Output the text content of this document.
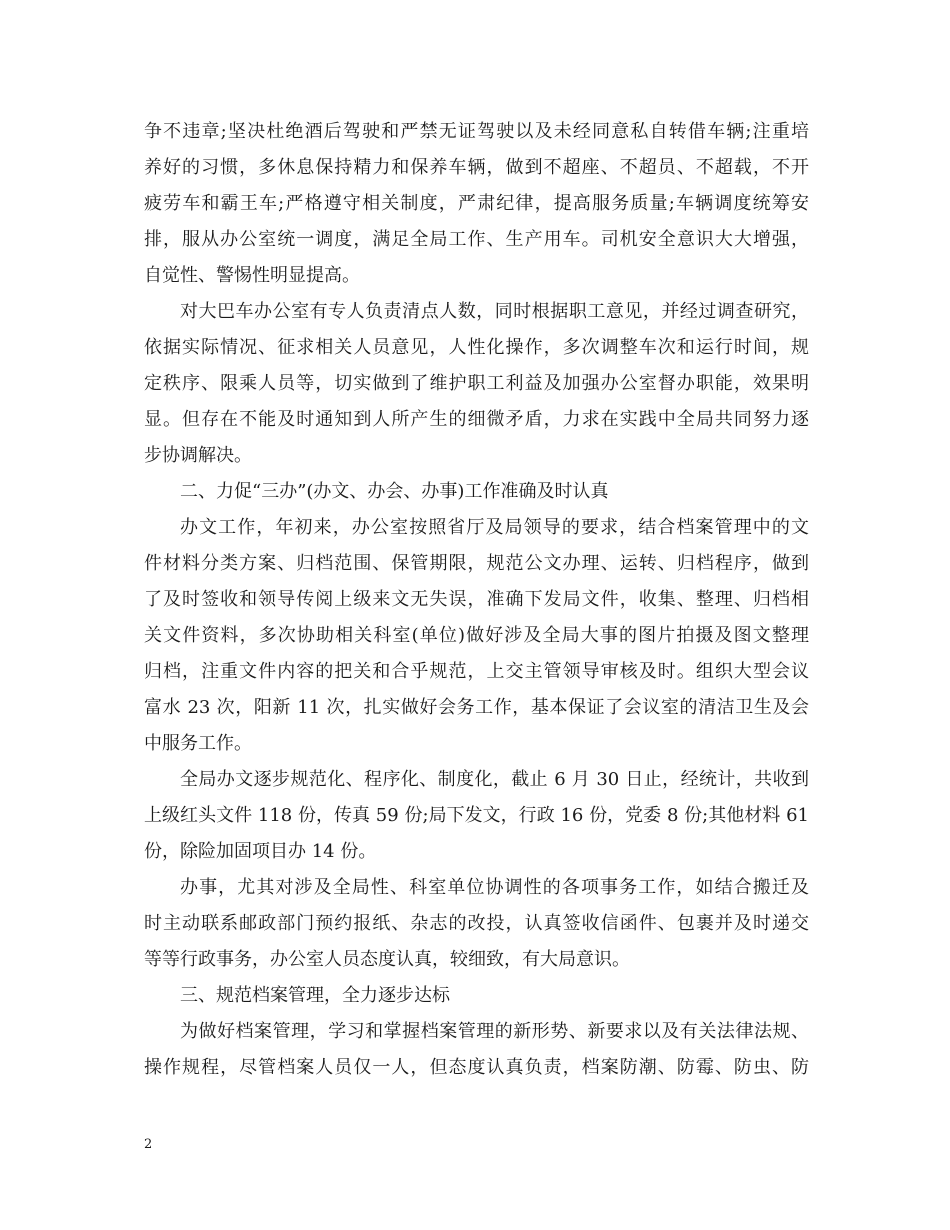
争不违章;坚决杜绝酒后驾驶和严禁无证驾驶以及未经同意私自转借车辆;注重培
养好的习惯，多休息保持精力和保养车辆，做到不超座、不超员、不超载，不开
疲劳车和霸王车;严格遵守相关制度，严肃纪律，提高服务质量;车辆调度统筹安
排，服从办公室统一调度，满足全局工作、生产用车。司机安全意识大大增强，
自觉性、警惕性明显提高。
对大巴车办公室有专人负责清点人数，同时根据职工意见，并经过调查研究，
依据实际情况、征求相关人员意见，人性化操作，多次调整车次和运行时间，规
定秩序、限乘人员等，切实做到了维护职工利益及加强办公室督办职能，效果明
显。但存在不能及时通知到人所产生的细微矛盾，力求在实践中全局共同努力逐
步协调解决。
二、力促“三办”(办文、办会、办事)工作准确及时认真
办文工作，年初来，办公室按照省厅及局领导的要求，结合档案管理中的文
件材料分类方案、归档范围、保管期限，规范公文办理、运转、归档程序，做到
了及时签收和领导传阅上级来文无失误，准确下发局文件，收集、整理、归档相
关文件资料，多次协助相关科室(单位)做好涉及全局大事的图片拍摄及图文整理
归档，注重文件内容的把关和合乎规范，上交主管领导审核及时。组织大型会议
富水 23 次，阳新 11 次，扎实做好会务工作，基本保证了会议室的清洁卫生及会
中服务工作。
全局办文逐步规范化、程序化、制度化，截止 6 月 30 日止，经统计，共收到
上级红头文件 118 份，传真 59 份;局下发文，行政 16 份，党委 8 份;其他材料 61
份，除险加固项目办 14 份。
办事，尤其对涉及全局性、科室单位协调性的各项事务工作，如结合搬迁及
时主动联系邮政部门预约报纸、杂志的改投，认真签收信函件、包裹并及时递交
等等行政事务，办公室人员态度认真，较细致，有大局意识。
三、规范档案管理，全力逐步达标
为做好档案管理，学习和掌握档案管理的新形势、新要求以及有关法律法规、
操作规程，尽管档案人员仅一人，但态度认真负责，档案防潮、防霉、防虫、防
2
